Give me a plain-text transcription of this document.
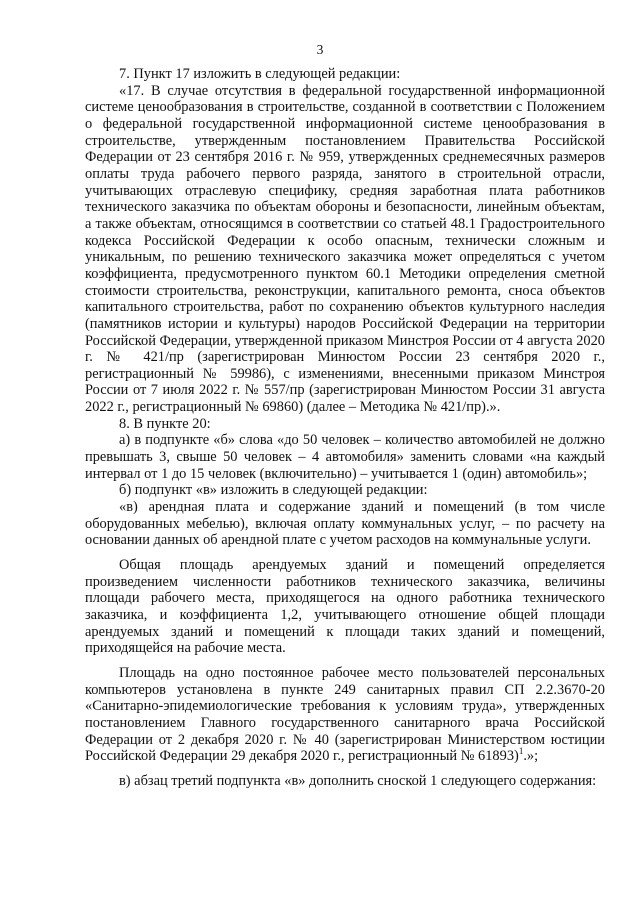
3

7. Пункт 17 изложить в следующей редакции:

«17. В случае отсутствия в федеральной государственной информационной системе ценообразования в строительстве, созданной в соответствии с Положением о федеральной государственной информационной системе ценообразования в строительстве, утвержденным постановлением Правительства Российской Федерации от 23 сентября 2016 г. № 959, утвержденных среднемесячных размеров оплаты труда рабочего первого разряда, занятого в строительной отрасли, учитывающих отраслевую специфику, средняя заработная плата работников технического заказчика по объектам обороны и безопасности, линейным объектам, а также объектам, относящимся в соответствии со статьей 48.1 Градостроительного кодекса Российской Федерации к особо опасным, технически сложным и уникальным, по решению технического заказчика может определяться с учетом коэффициента, предусмотренного пунктом 60.1 Методики определения сметной стоимости строительства, реконструкции, капитального ремонта, сноса объектов капитального строительства, работ по сохранению объектов культурного наследия (памятников истории и культуры) народов Российской Федерации на территории Российской Федерации, утвержденной приказом Минстроя России от 4 августа 2020 г. № 421/пр (зарегистрирован Минюстом России 23 сентября 2020 г., регистрационный № 59986), с изменениями, внесенными приказом Минстроя России от 7 июля 2022 г. № 557/пр (зарегистрирован Минюстом России 31 августа 2022 г., регистрационный № 69860) (далее – Методика № 421/пр).».

8. В пункте 20:

а) в подпункте «б» слова «до 50 человек – количество автомобилей не должно превышать 3, свыше 50 человек – 4 автомобиля» заменить словами «на каждый интервал от 1 до 15 человек (включительно) – учитывается 1 (один) автомобиль»;

б) подпункт «в» изложить в следующей редакции:

«в) арендная плата и содержание зданий и помещений (в том числе оборудованных мебелью), включая оплату коммунальных услуг, – по расчету на основании данных об арендной плате с учетом расходов на коммунальные услуги.

Общая площадь арендуемых зданий и помещений определяется произведением численности работников технического заказчика, величины площади рабочего места, приходящегося на одного работника технического заказчика, и коэффициента 1,2, учитывающего отношение общей площади арендуемых зданий и помещений к площади таких зданий и помещений, приходящейся на рабочие места.

Площадь на одно постоянное рабочее место пользователей персональных компьютеров установлена в пункте 249 санитарных правил СП 2.2.3670-20 «Санитарно-эпидемиологические требования к условиям труда», утвержденных постановлением Главного государственного санитарного врача Российской Федерации от 2 декабря 2020 г. № 40 (зарегистрирован Министерством юстиции Российской Федерации 29 декабря 2020 г., регистрационный № 61893)$^1$.»;

в) абзац третий подпункта «в» дополнить сноской 1 следующего содержания:
